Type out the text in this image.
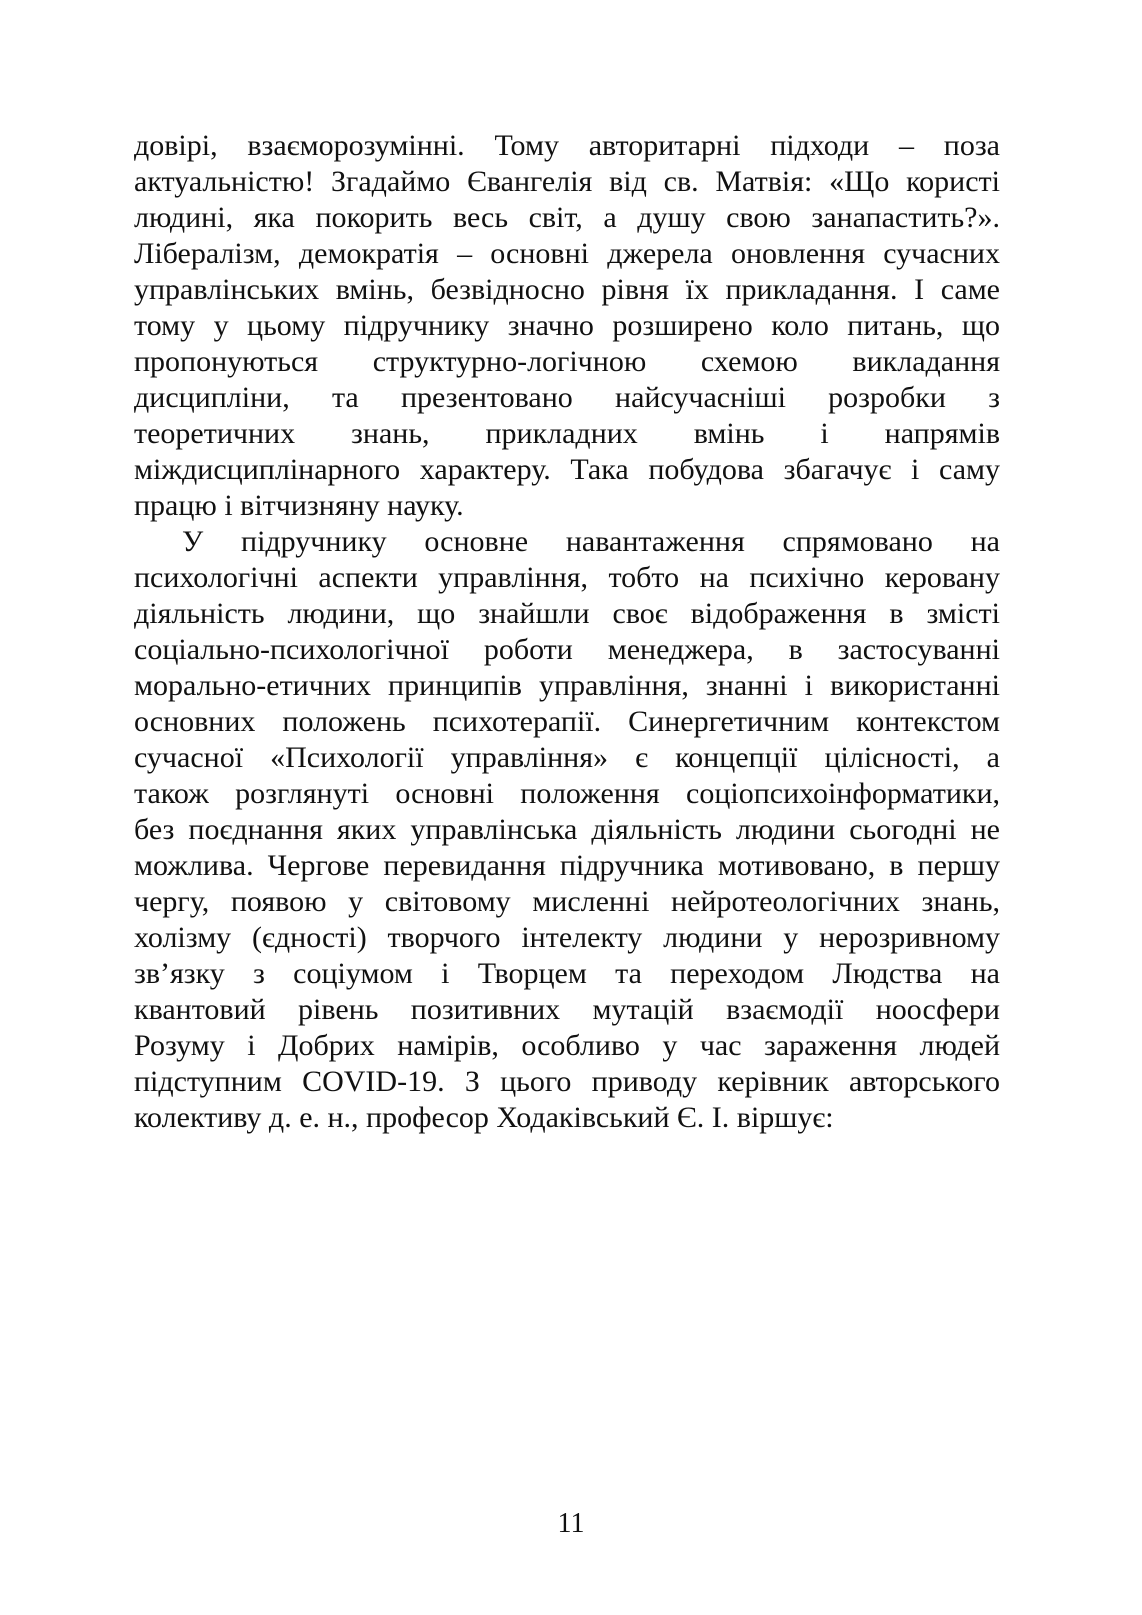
довірі, взаєморозумінні. Тому авторитарні підходи – поза
актуальністю! Згадаймо Євангелія від св. Матвія: «Що користі
людині, яка покорить весь світ, а душу свою занапастить?».
Лібералізм, демократія – основні джерела оновлення сучасних
управлінських вмінь, безвідносно рівня їх прикладання. І саме
тому у цьому підручнику значно розширено коло питань, що
пропонуються структурно-логічною схемою викладання
дисципліни, та презентовано найсучасніші розробки з
теоретичних знань, прикладних вмінь і напрямів
міждисциплінарного характеру. Така побудова збагачує і саму
працю і вітчизняну науку.
У підручнику основне навантаження спрямовано на
психологічні аспекти управління, тобто на психічно керовану
діяльність людини, що знайшли своє відображення в змісті
соціально-психологічної роботи менеджера, в застосуванні
морально-етичних принципів управління, знанні і використанні
основних положень психотерапії. Синергетичним контекстом
сучасної «Психології управління» є концепції цілісності, а
також розглянуті основні положення соціопсихоінформатики,
без поєднання яких управлінська діяльність людини сьогодні не
можлива. Чергове перевидання підручника мотивовано, в першу
чергу, появою у світовому мисленні нейротеологічних знань,
холізму (єдності) творчого інтелекту людини у нерозривному
зв’язку з соціумом і Творцем та переходом Людства на
квантовий рівень позитивних мутацій взаємодії ноосфери
Розуму і Добрих намірів, особливо у час зараження людей
підступним COVID-19. З цього приводу керівник авторського
колективу д. е. н., професор Ходаківський Є. І. віршує:
11
